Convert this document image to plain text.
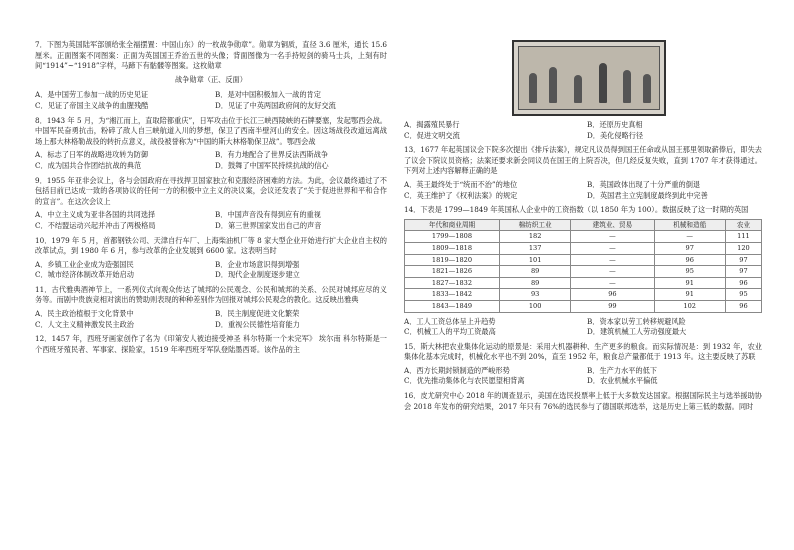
7．下图为英国陆军部颁给张全福摆置：中国山东）的一枚战争勋章”。勋章为铜质，直径 3.6 厘米，通长 15.6 厘米。正面图案不同图案：正面为英国国王乔治五世的头像；背面图像为一名手持短剑的骑马士兵，上刻有时间“1914”~“1918”字样，马蹄下有骷髅等图案。这枚勋章

战争勋章（正、反面）

A．是中国劳工参加一战的历史见证	B．是对中国积极加入一战的肯定
C．见证了帝国主义战争的血腥残酷	D．见证了中英两国政府间的友好交流

8．1943 年 5 月，为“湘江而上，直取陪都重庆”，日军攻击位于长江三峡西陵峡的石牌要塞，发起鄂西会战。中国军民奋勇抗击，粉碎了敌人自三峡航道入川的梦想，保卫了西南半壁河山的安全。因这场战役改道远离战场上那大林格勒战役的转折点意义，战役被誉称为“中国的斯大林格勒保卫战”。鄂西会战

A．标志了日军的战略进攻转为防御	B．有力地配合了世界反法西斯战争
C．成为国共合作团结抗战的典范	D．鼓舞了中国军民持续抗战的信心

9．1955 年亚非会议上，各与会国政府在寻找捍卫国家独立和克服经济困难的方法。为此，会议最终通过了不包括目前已达成一致的各项协议的任何一方的积极中立主义的决议案，会议还发表了“关于促进世界和平和合作的宣言”。在这次会议上

A．中立主义成为亚非各国的共同选择	B．中国声音没有得到应有的重视
C．不结盟运动兴起并冲击了两极格局	D．第三世界国家发出自己的声音

10．1979 年 5 月，首都钢铁公司、天津自行车厂、上海柴油机厂等 8 家大型企业开始进行扩大企业自主权的改革试点，到 1980 年 6 月，参与改革的企业发展到 6600 家。这表明当时

A．乡镇工业企业成为造强国民	B．企业市场意识得到增强
C．城市经济体制改革开始启动	D．现代企业制度逐步建立

11．古代雅典酒神节上，一系列仪式向观众传达了城邦的公民观念、公民和城邦的关系、公民对城邦应尽的义务等。而剧中贵族竞相对演出的赞助则表现的种种差别作为回报对城邦公民观念的教化。这反映出雅典

A．民主政治植根于文化背景中	B．民主制度促进文化繁荣
C．人文主义精神激发民主政治	D．重视公民德性培育能力

12．1457 年，西班牙画家创作了名为《印第安人被迫接受神圣 科尔特斯一个未完军》 埃尔南 科尔特斯是一个西班牙殖民者、军事家、探险家，1519 年率西班牙军队登陆墨西哥。该作品的主

A．揭露殖民暴行	B．还原历史真相
C．促进文明交流	D．美化侵略行径

13．1677 年起英国议会下院多次提出《排斥法案》，规定凡议员得到国王任命或从国王那里领取薪俸后，即失去了议会下院议员资格；法案还要求新会同议员在国王的上院否决，但几经反复失败，直到 1707 年才获得通过。下列对上述内容解释正确的是

A．英王最终处于“统而不治”的地位	B．英国政体出现了十分严重的倒退
C．英王维护了《权利法案》的规定	D．英国君主立宪制度最终到此中完善

14．下表是 1799—1849 年英国私人企业中的工资指数（以 1850 年为 100）。数据反映了这一时期的英国

年代和商业周期	棉纺织工业	建筑业、贸易	机械和造船	农业
1799—1808	182	—	—	111
1809—1818	137	—	97	120
1819—1820	101	—	96	97
1821—1826	89	—	95	97
1827—1832	89	—	91	96
1833—1842	93	96	91	95
1843—1849	100	99	102	96
A．工人工资总体呈上升趋势	B．资本家以劳工转移规避风险
C．机械工人的平均工资最高	D．建筑机械工人劳动强度最大

15．斯大林把农业集体化运动的原景是：采用大机器耕种、生产更多的粮食。而实际情况是：到 1932 年，农业集体化基本完成时，机械化水平也不到 20%，直至 1952 年，粮食总产量都低于 1913 年。这主要反映了苏联

A．西方长期封锁制造的严峻形势	B．生产力水平的低下
C．优先推动集体化与农民愿望相背离	D．农业机械水平偏低

16．皮尤研究中心 2018 年的调查显示，美国在选民投票率上低于大多数发达国家。根据国际民主与选举援助协会 2018 年发布的研究结果，2017 年只有 76%的选民参与了德国联邦选举，这是历史上第三低的数据。同时
